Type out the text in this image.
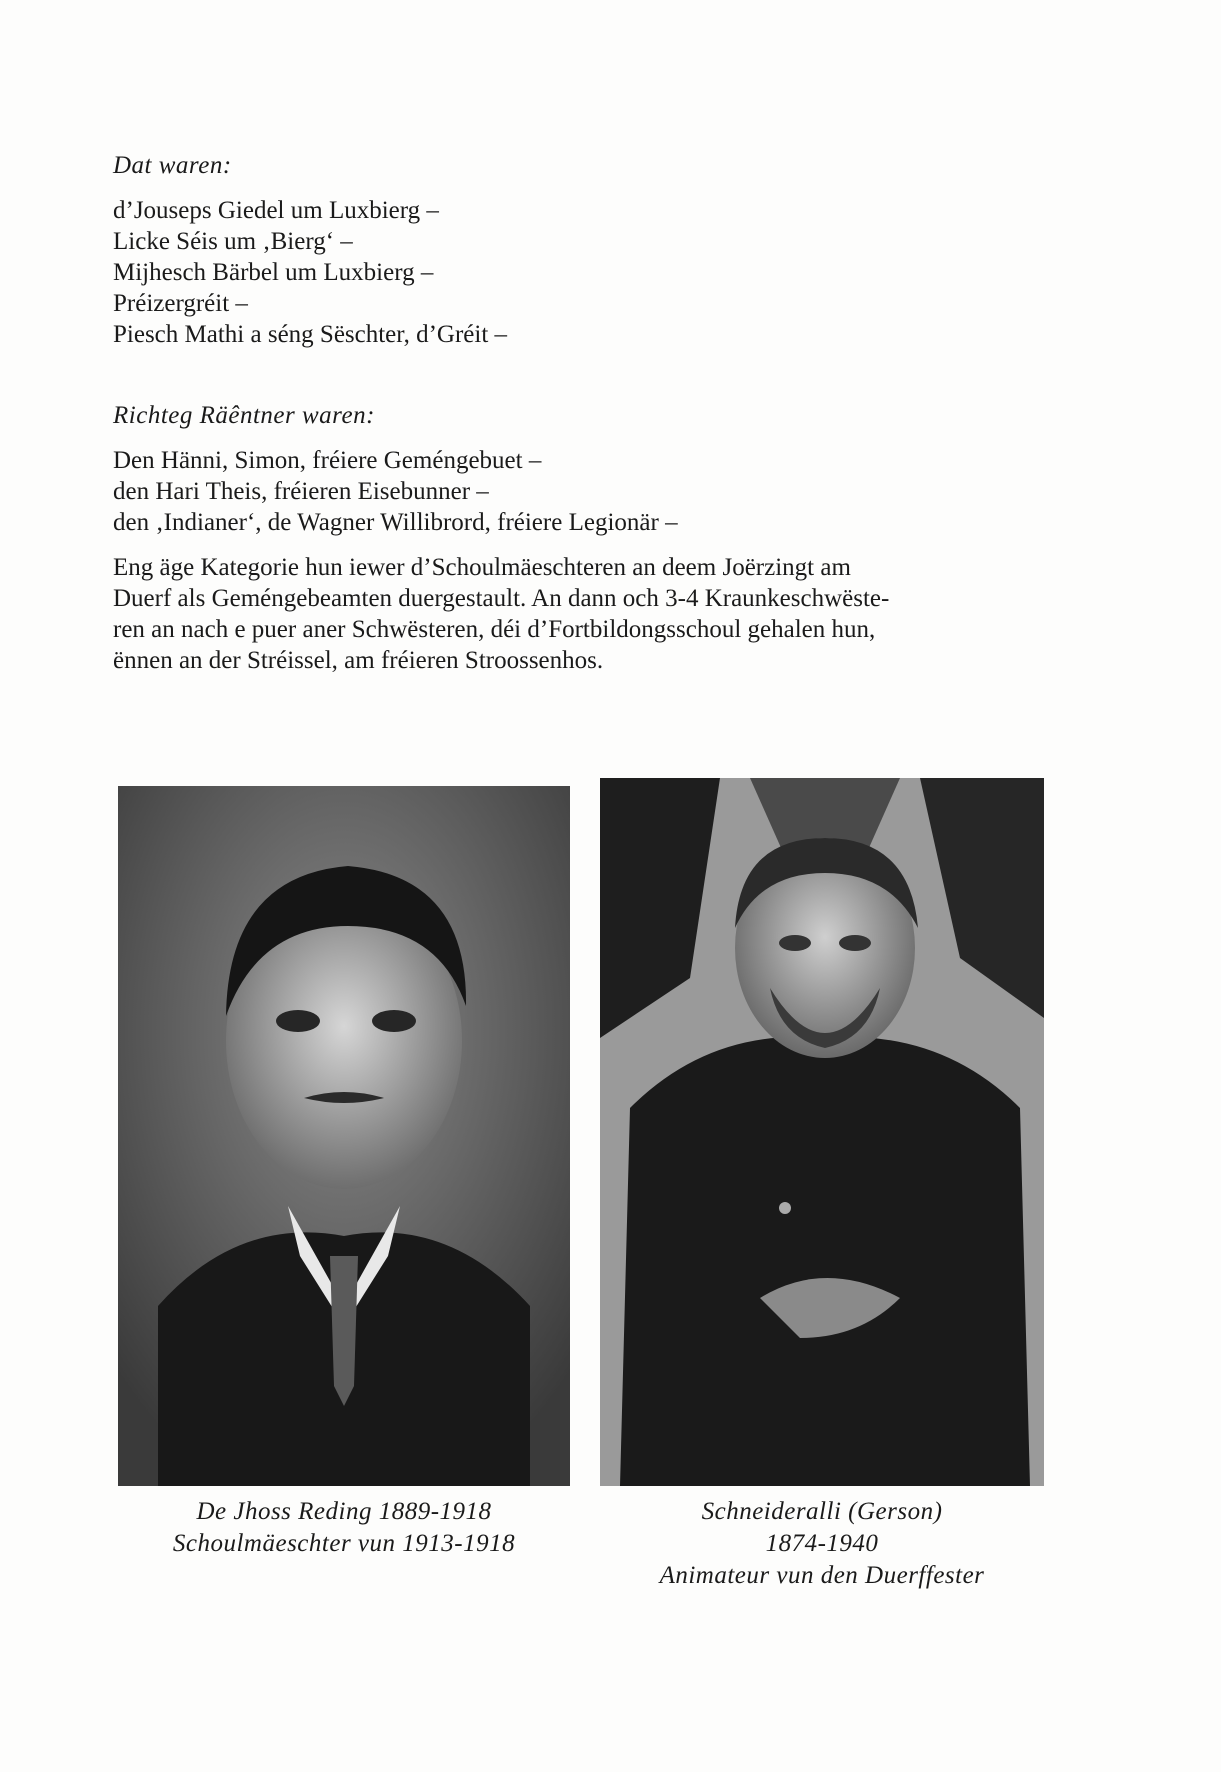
Dat waren:
d’Jouseps Giedel um Luxbierg –
Licke Séis um ‚Bierg‘ –
Mijhesch Bärbel um Luxbierg –
Préizergréit –
Piesch Mathi a séng Sëschter, d’Gréit –
Richteg Räêntner waren:
Den Hänni, Simon, fréiere Geméngebuet –
den Hari Theis, fréieren Eisebunner –
den ‚Indianer‘, de Wagner Willibrord, fréiere Legionär –
Eng äge Kategorie hun iewer d’Schoulmäeschteren an deem Joërzingt am
Duerf als Geméngebeamten duergestault. An dann och 3-4 Kraunkeschwëste-
ren an nach e puer aner Schwësteren, déi d’Fortbildongsschoul gehalen hun,
ënnen an der Stréissel, am fréieren Stroossenhos.
De Jhoss Reding 1889-1918
Schoulmäeschter vun 1913-1918
Schneideralli (Gerson)
1874-1940
Animateur vun den Duerffester
